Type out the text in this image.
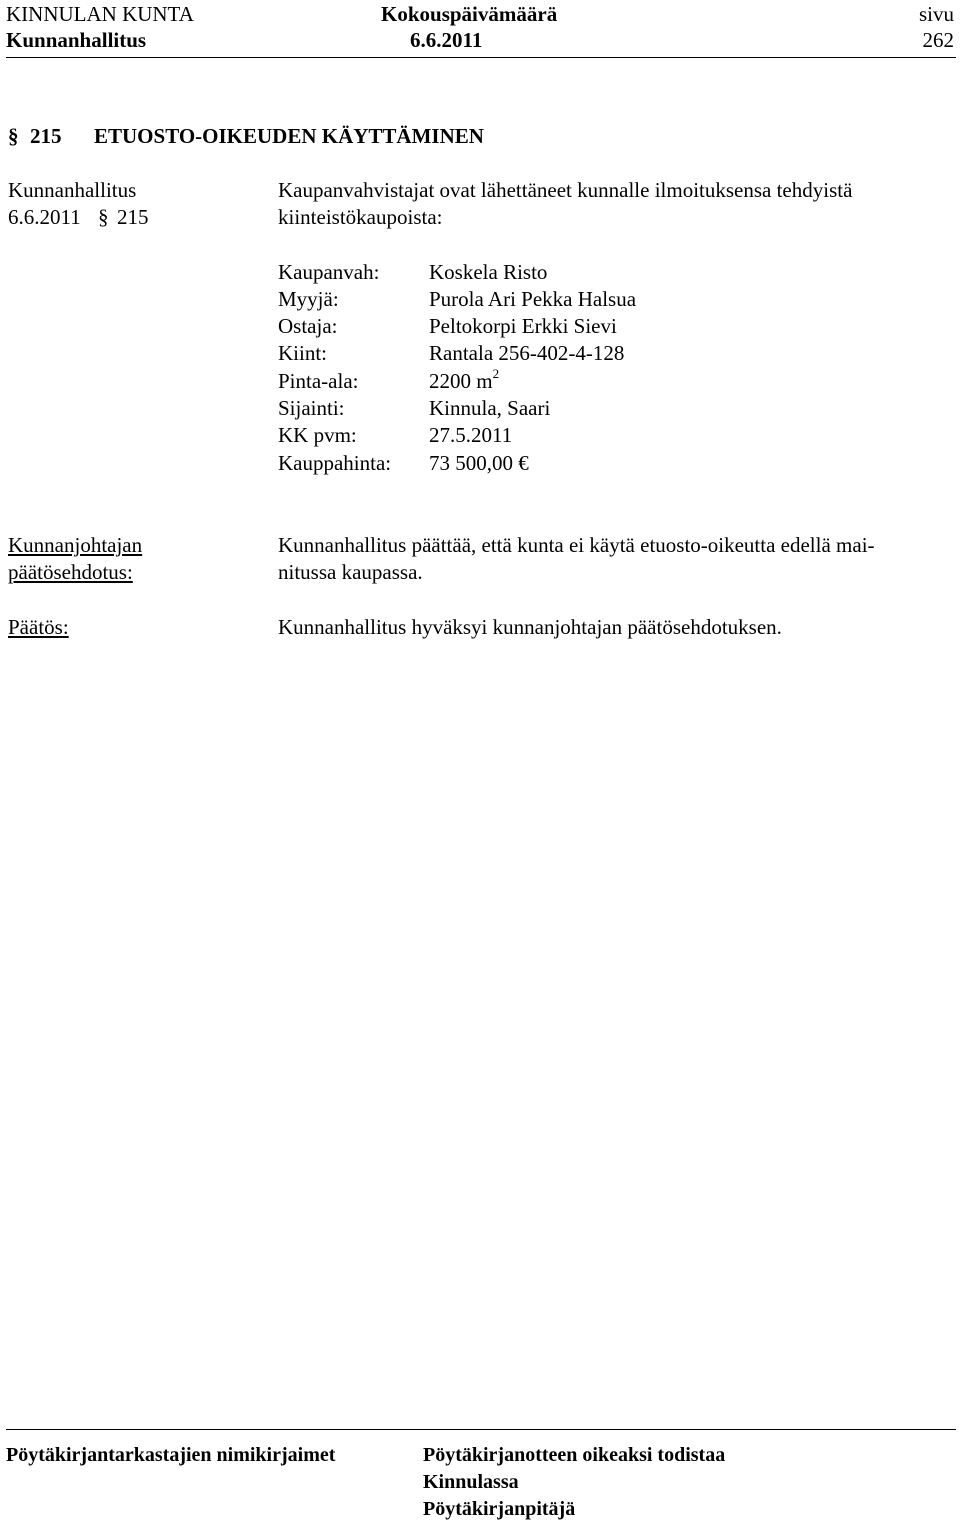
KINNULAN KUNTA
Kunnanhallitus
Kokouspäivämäärä
6.6.2011
sivu
262
§ 215 ETUOSTO-OIKEUDEN KÄYTTÄMINEN
Kunnanhallitus
6.6.2011 § 215
Kaupanvahvistajat ovat lähettäneet kunnalle ilmoituksensa tehdyistä
kiinteistökaupoista:
Kaupanvah: Koskela Risto
Myyjä:	Purola Ari Pekka Halsua
Ostaja:	Peltokorpi Erkki Sievi
Kiint:	Rantala 256-402-4-128
Pinta-ala:	2200 $m^2$
Sijainti:	Kinnula, Saari
KK pvm:	27.5.2011
Kauppahinta: 73 500,00 €
Kunnanjohtajan
päätösehdotus:
Kunnanhallitus päättää, että kunta ei käytä etuosto-oikeutta edellä mai-
nitussa kaupassa.
Päätös:	Kunnanhallitus hyväksyi kunnanjohtajan päätösehdotuksen.
Pöytäkirjantarkastajien nimikirjaimet	Pöytäkirjanotteen oikeaksi todistaa
Kinnulassa
Pöytäkirjanpitäjä
